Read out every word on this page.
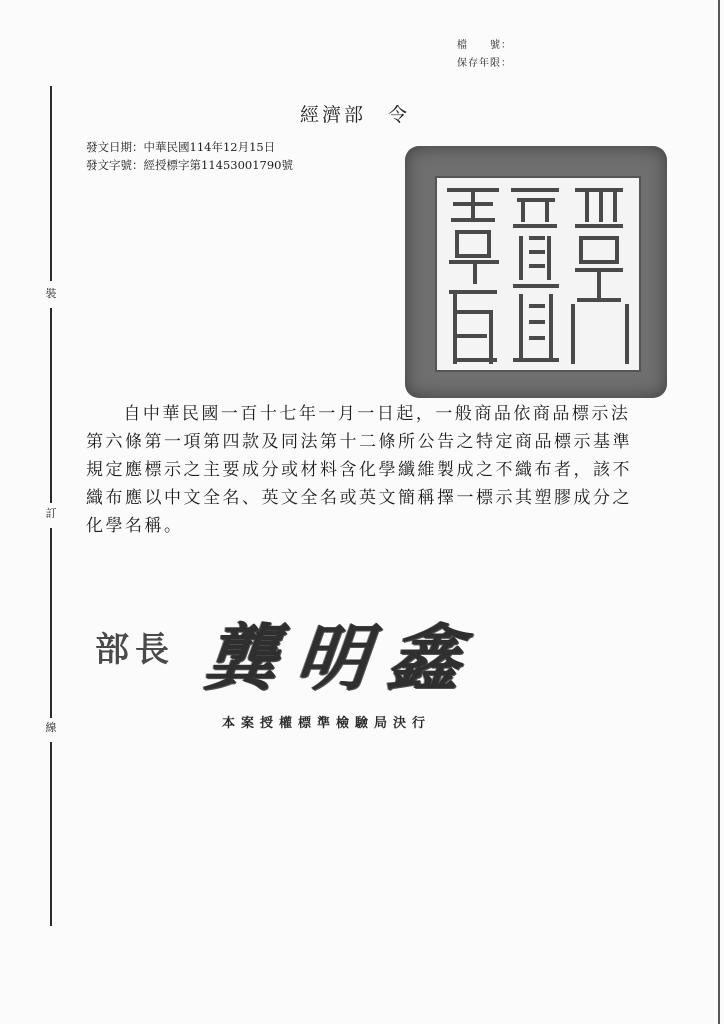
檔　　號：
保存年限：
裝
訂
線
經濟部　令
發文日期：中華民國114年12月15日
發文字號：經授標字第11453001790號

自中華民國一百十七年一月一日起，一般商品依商品標示法第六條第一項第四款及同法第十二條所公告之特定商品標示基準規定應標示之主要成分或材料含化學纖維製成之不織布者，該不織布應以中文全名、英文全名或英文簡稱擇一標示其塑膠成分之化學名稱。

部長 龔明鑫
本案授權標準檢驗局決行
